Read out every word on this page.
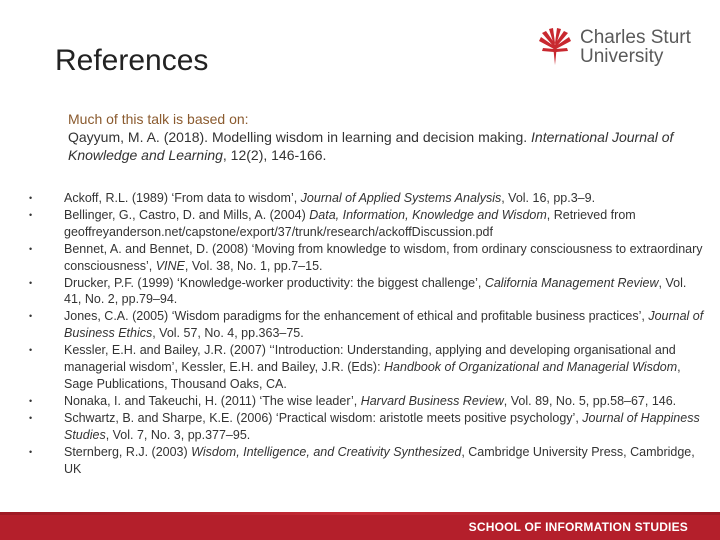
References
Charles Sturt
University
Much of this talk is based on:
Qayyum, M. A. (2018). Modelling wisdom in learning and decision making. International Journal of Knowledge and Learning, 12(2), 146-166.
•	Ackoff, R.L. (1989) ‘From data to wisdom’, Journal of Applied Systems Analysis, Vol. 16, pp.3–9.
•	Bellinger, G., Castro, D. and Mills, A. (2004) Data, Information, Knowledge and Wisdom, Retrieved from geoffreyanderson.net/capstone/export/37/trunk/research/ackoffDiscussion.pdf
•	Bennet, A. and Bennet, D. (2008) ‘Moving from knowledge to wisdom, from ordinary consciousness to extraordinary consciousness’, VINE, Vol. 38, No. 1, pp.7–15.
•	Drucker, P.F. (1999) ‘Knowledge-worker productivity: the biggest challenge’, California Management Review, Vol. 41, No. 2, pp.79–94.
•	Jones, C.A. (2005) ‘Wisdom paradigms for the enhancement of ethical and profitable business practices’, Journal of Business Ethics, Vol. 57, No. 4, pp.363–75.
•	Kessler, E.H. and Bailey, J.R. (2007) ‘‘Introduction: Understanding, applying and developing organisational and managerial wisdom’, Kessler, E.H. and Bailey, J.R. (Eds): Handbook of Organizational and Managerial Wisdom, Sage Publications, Thousand Oaks, CA.
•	Nonaka, I. and Takeuchi, H. (2011) ‘The wise leader’, Harvard Business Review, Vol. 89, No. 5, pp.58–67, 146.
•	Schwartz, B. and Sharpe, K.E. (2006) ‘Practical wisdom: aristotle meets positive psychology’, Journal of Happiness Studies, Vol. 7, No. 3, pp.377–95.
•	Sternberg, R.J. (2003) Wisdom, Intelligence, and Creativity Synthesized, Cambridge University Press, Cambridge, UK
SCHOOL OF INFORMATION STUDIES
